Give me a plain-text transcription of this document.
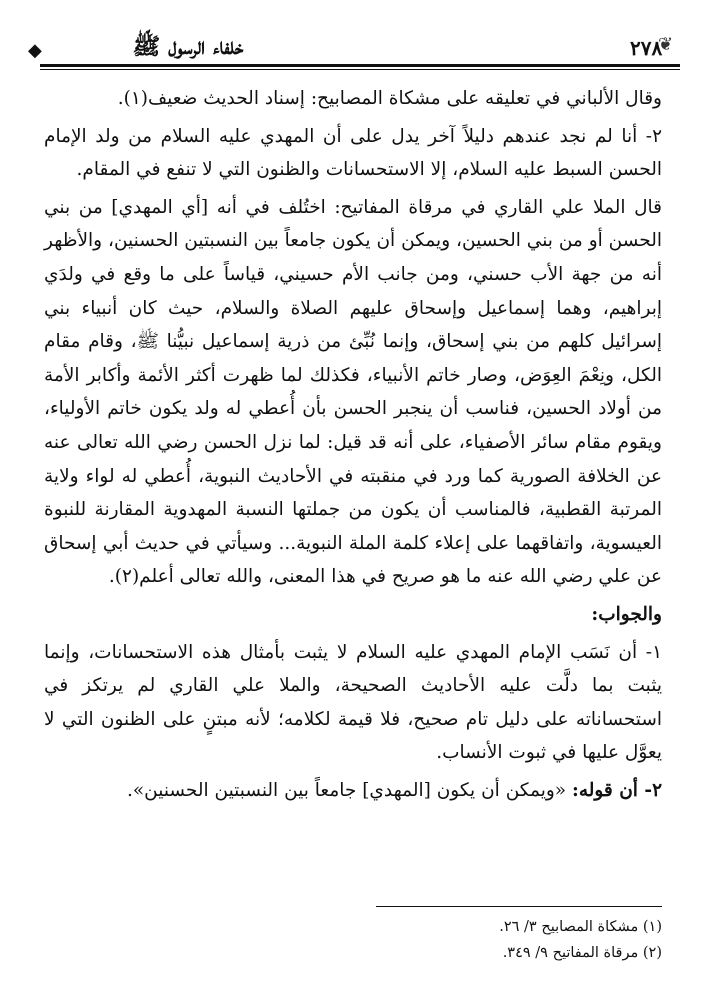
◆	خلفاء الرسول ﷺ	٢٧٨
❦

وقال الألباني في تعليقه على مشكاة المصابيح: إسناد الحديث ضعيف(١).

٢- أنا لم نجد عندهم دليلاً آخر يدل على أن المهدي عليه السلام من ولد الإمام الحسن السبط عليه السلام، إلا الاستحسانات والظنون التي لا تنفع في المقام.

قال الملا علي القاري في مرقاة المفاتيح: اختُلف في أنه [أي المهدي] من بني الحسن أو من بني الحسين، ويمكن أن يكون جامعاً بين النسبتين الحسنين، والأظهر أنه من جهة الأب حسني، ومن جانب الأم حسيني، قياساً على ما وقع في ولدَي إبراهيم، وهما إسماعيل وإسحاق عليهم الصلاة والسلام، حيث كان أنبياء بني إسرائيل كلهم من بني إسحاق، وإنما نُبِّئ من ذرية إسماعيل نبيُّنا ﷺ، وقام مقام الكل، ونِعْمَ العِوَض، وصار خاتم الأنبياء، فكذلك لما ظهرت أكثر الأئمة وأكابر الأمة من أولاد الحسين، فناسب أن ينجبر الحسن بأن أُعطي له ولد يكون خاتم الأولياء، ويقوم مقام سائر الأصفياء، على أنه قد قيل: لما نزل الحسن رضي الله تعالى عنه عن الخلافة الصورية كما ورد في منقبته في الأحاديث النبوية، أُعطي له لواء ولاية المرتبة القطبية، فالمناسب أن يكون من جملتها النسبة المهدوية المقارنة للنبوة العيسوية، واتفاقهما على إعلاء كلمة الملة النبوية... وسيأتي في حديث أبي إسحاق عن علي رضي الله عنه ما هو صريح في هذا المعنى، والله تعالى أعلم(٢).

والجواب:

١- أن نَسَب الإمام المهدي عليه السلام لا يثبت بأمثال هذه الاستحسانات، وإنما يثبت بما دلَّت عليه الأحاديث الصحيحة، والملا علي القاري لم يرتكز في استحساناته على دليل تام صحيح، فلا قيمة لكلامه؛ لأنه مبتنٍ على الظنون التي لا يعوَّل عليها في ثبوت الأنساب.

٢- أن قوله: «ويمكن أن يكون [المهدي] جامعاً بين النسبتين الحسنين».

(١) مشكاة المصابيح ٣/ ٢٦.

(٢) مرقاة المفاتيح ٩/ ٣٤٩.
